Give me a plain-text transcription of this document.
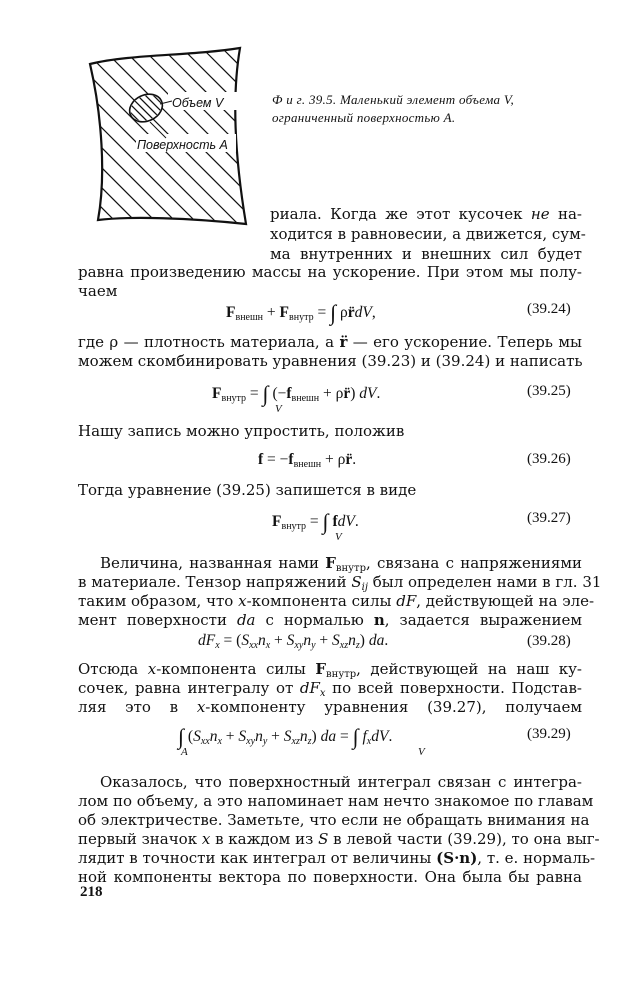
Объем V
Поверхность A
Ф и г. 39.5. Маленький элемент объема V,
ограниченный поверхностью A.
риала. Когда же этот кусочек не на-
ходится в равновесии, а движется, сум-
ма внутренних и внешних сил будет
равна произведению массы на ускорение. При этом мы полу-
чаем
$F_{внешн} + F_{внутр}$ = ∫ ρr̈dV,	(39.24)
где ρ — плотность материала, а r̈ — его ускорение. Теперь мы
можем скомбинировать уравнения (39.23) и (39.24) и написать
$F_{внутр}$ = ∫ ($-f_{внешн}$ + ρr̈) dV.
V
(39.25)
Нашу запись можно упростить, положив
$f = -f_{внешн}$ + ρr̈.	(39.26)
Тогда уравнение (39.25) запишется в виде
$F_{внутр}$ = ∫ fdV.
V
(39.27)
Величина, названная нами $F_{внутр}$, связана с напряжениями
в материале. Тензор напряжений $S_{ij}$ был определен нами в гл. 31
таким образом, что x-компонента силы dF, действующей на эле-
мент поверхности da с нормалью n, задается выражением
$dF_x = (S_{xx}n_x + S_{xy}n_y + S_{xz}n_z)$ da.	(39.28)
Отсюда x-компонента силы $F_{внутр}$, действующей на наш ку-
сочек, равна интегралу от $dF_x$ по всей поверхности. Подстав-
ляя это в x-компоненту уравнения (39.27), получаем
∫ $(S_{xx}n_x + S_{xy}n_y + S_{xz}n_z)$ da = ∫ $f_xdV$.
A	V
(39.29)
Оказалось, что поверхностный интеграл связан с интегра-
лом по объему, а это напоминает нам нечто знакомое по главам
об электричестве. Заметьте, что если не обращать внимания на
первый значок x в каждом из S в левой части (39.29), то она выг-
лядит в точности как интеграл от величины (S·n), т. е. нормаль-
ной компоненты вектора по поверхности. Она была бы равна
218
